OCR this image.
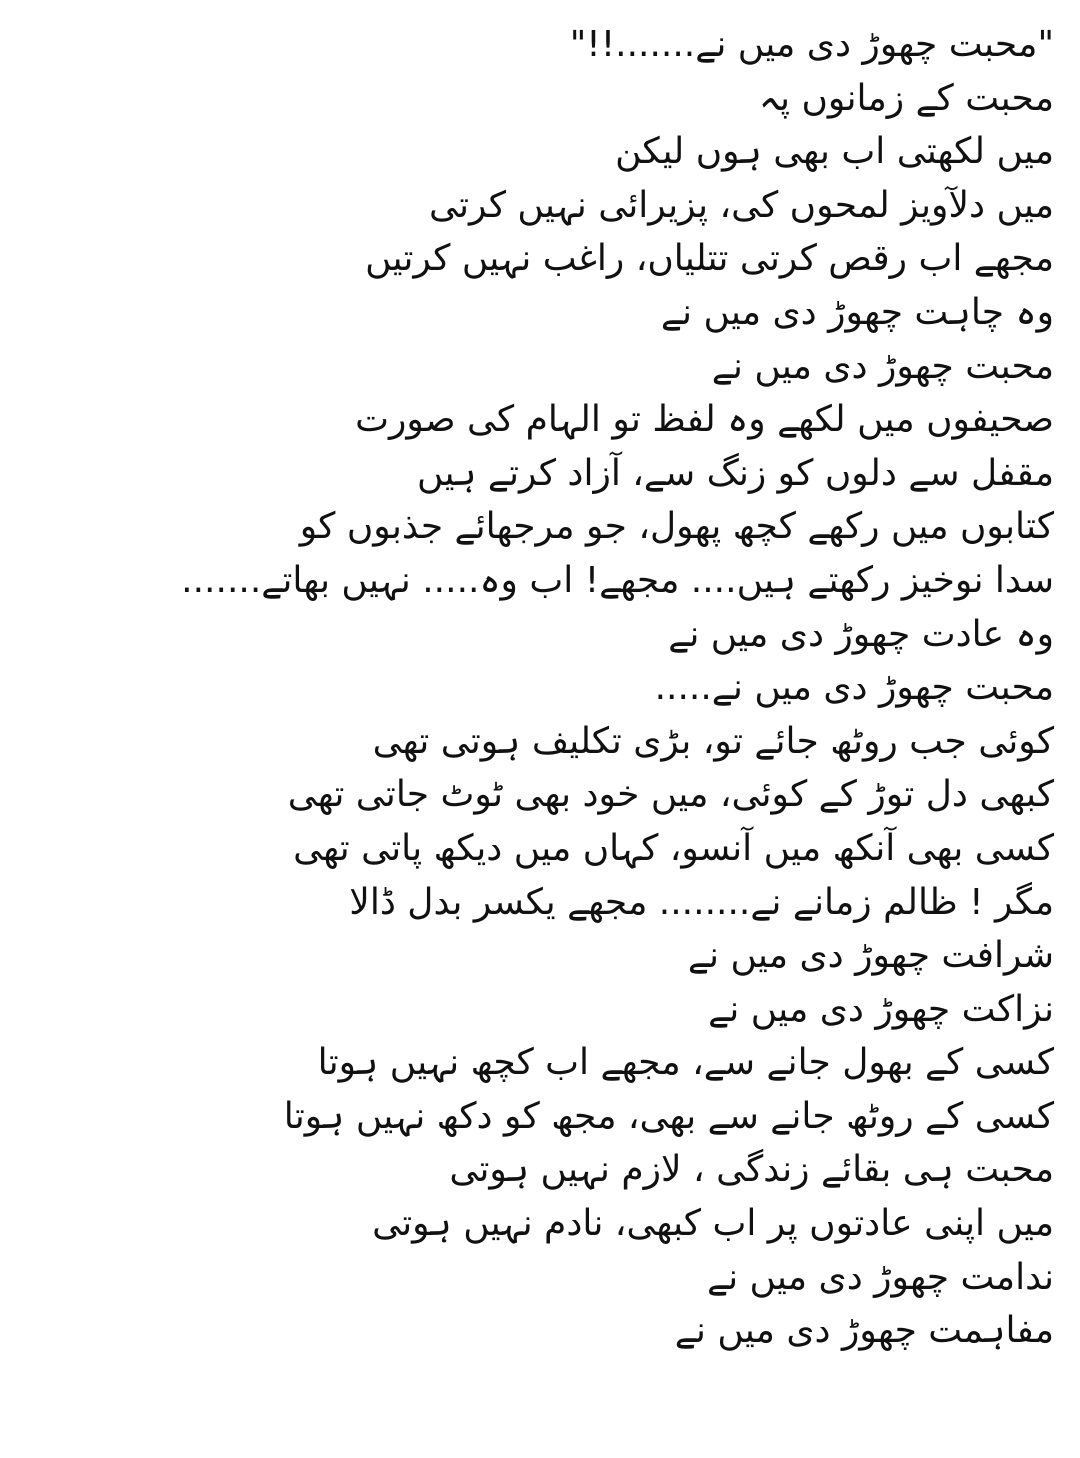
"محبت چھوڑ دی میں نے.......!!"
محبت کے زمانوں پہ
میں لکھتی اب بھی ہوں لیکن
میں دلآویز لمحوں کی، پزیرائی نہیں کرتی
مجھے اب رقص کرتی تتلیاں، راغب نہیں کرتیں
وہ چاہت چھوڑ دی میں نے
محبت چھوڑ دی میں نے
صحیفوں میں لکھے وہ لفظ تو الہام کی صورت
مقفل سے دلوں کو زنگ سے، آزاد کرتے ہیں
کتابوں میں رکھے کچھ پھول، جو مرجھائے جذبوں کو
سدا نوخیز رکھتے ہیں.... مجھے! اب وہ..... نہیں بھاتے.......
وہ عادت چھوڑ دی میں نے
محبت چھوڑ دی میں نے.....
کوئی جب روٹھ جائے تو، بڑی تکلیف ہوتی تھی
کبھی دل توڑ کے کوئی، میں خود بھی ٹوٹ جاتی تھی
کسی بھی آنکھ میں آنسو، کہاں میں دیکھ پاتی تھی
مگر ! ظالم زمانے نے........ مجھے یکسر بدل ڈالا
شرافت چھوڑ دی میں نے
نزاکت چھوڑ دی میں نے
کسی کے بھول جانے سے، مجھے اب کچھ نہیں ہوتا
کسی کے روٹھ جانے سے بھی، مجھ کو دکھ نہیں ہوتا
محبت ہی بقائے زندگی ، لازم نہیں ہوتی
میں اپنی عادتوں پر اب کبھی، نادم نہیں ہوتی
ندامت چھوڑ دی میں نے
مفاہمت چھوڑ دی میں نے
